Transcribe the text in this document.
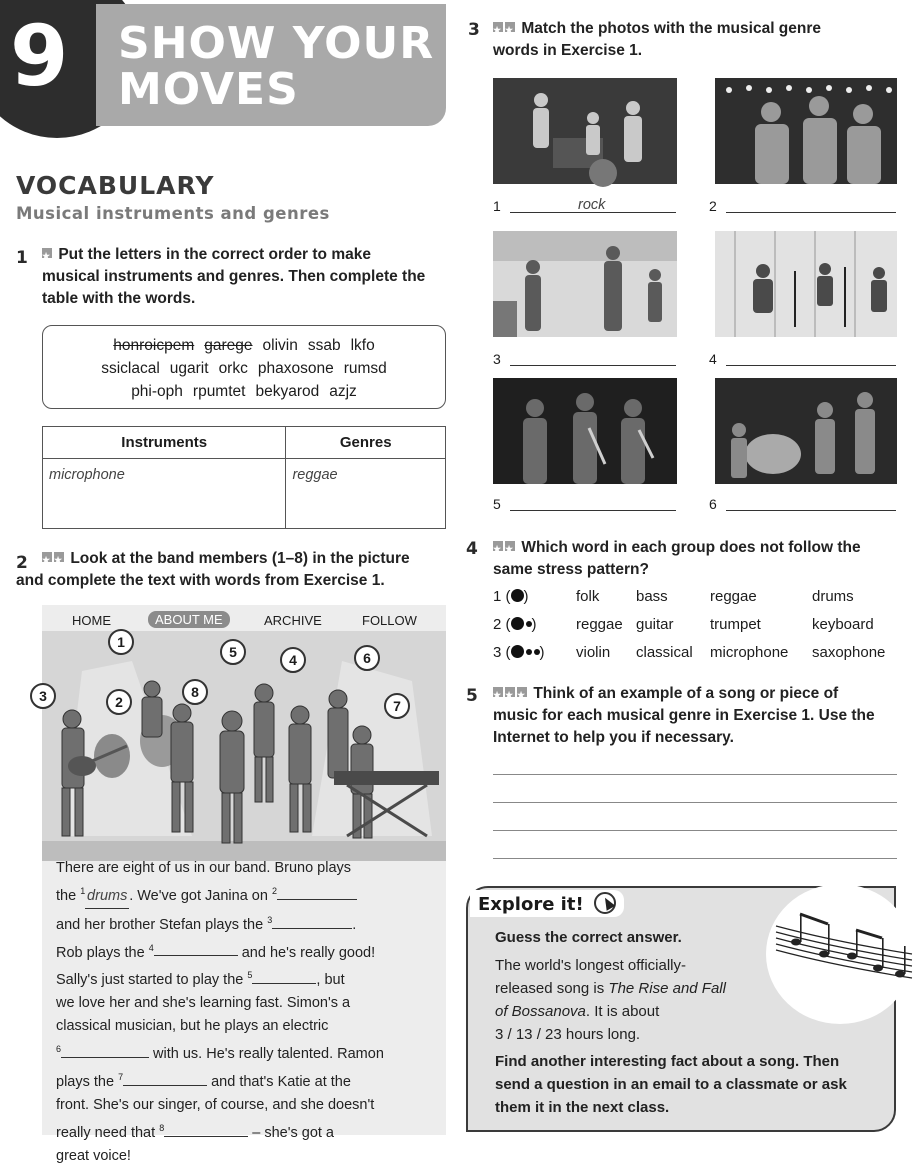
9 SHOW YOUR
MOVES
VOCABULARY
Musical instruments and genres
1 ★	Put the letters in the correct order to make
musical instruments and genres. Then complete the
table with the words.
honroicpem garege olivin ssab lkfo
ssiclacal ugarit orkc phaxosone rumsd
phi-oph rpumtet bekyarod azjz
Instruments	Genres
microphone	reggae
2 ★ ★	Look at the band members (1–8) in the picture
and complete the text with words from Exercise 1.
HOME	ABOUT ME	ARCHIVE	FOLLOW
1
2
3
4
5	6
7
8
There are eight of us in our band. Bruno plays
the $^1$ drums . We've got Janina on $^2$
and her brother Stefan plays the $^3$	.
Rob plays the $^4$	and he's really good!
Sally's just started to play the $^5$	, but
we love her and she's learning fast. Simon's a
classical musician, but he plays an electric
$^6$	with us. He's really talented. Ramon
plays the $^7$	and that's Katie at the
front. She's our singer, of course, and she doesn't
really need that $^8$	– she's got a
great voice!
3 ★ ★	Match the photos with the musical genre
words in Exercise 1.
1	rock	2
3	4
5	6
4 ★ ★	Which word in each group does not follow the
same stress pattern?
1 ( )	folk bass	reggae	drums
2 ( )	reggae guitar trumpet	keyboard
3 ( ) violin classical microphone saxophone
5 ★ ★ ★	Think of an example of a song or piece of
music for each musical genre in Exercise 1. Use the
Internet to help you if necessary.
Explore it!
Guess the correct answer.
The world's longest officially-
released song is The Rise and Fall
of Bossanova. It is about
3 / 13 / 23 hours long.
Find another interesting fact about a song. Then
send a question in an email to a classmate or ask
them it in the next class.
